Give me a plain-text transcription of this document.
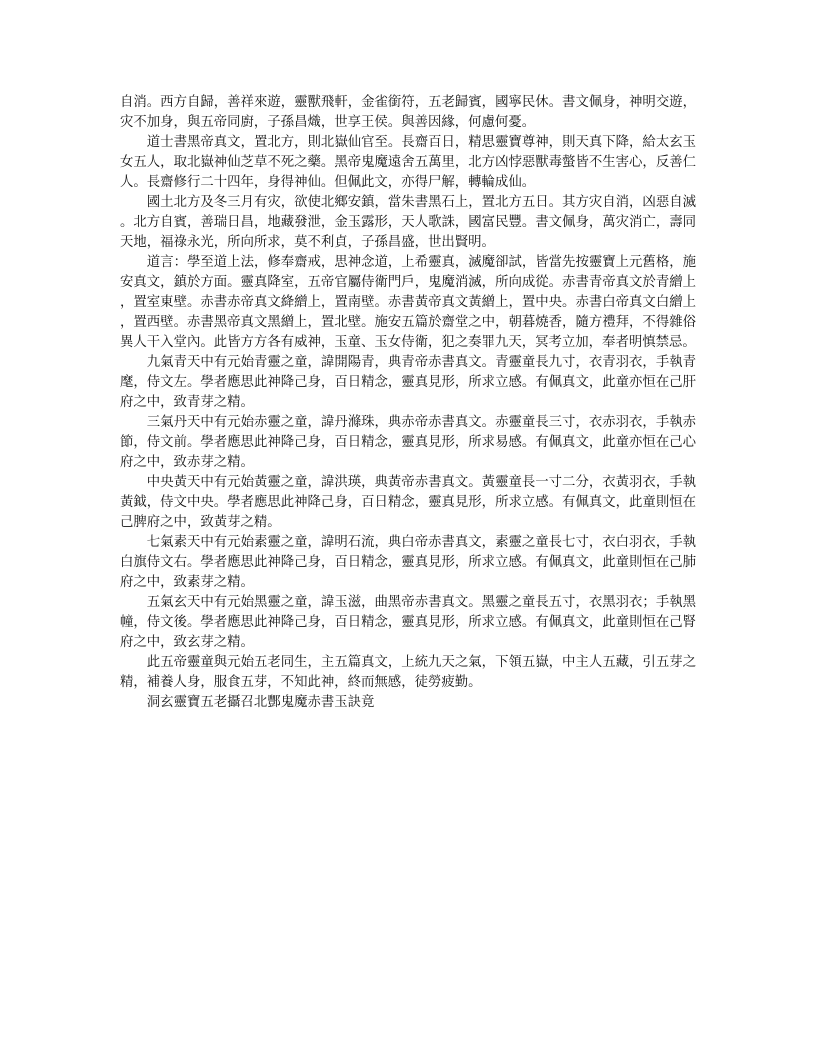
自消。西方自歸，善祥來遊，靈獸飛軒，金雀銜符，五老歸賓，國寧民休。書文佩身，神明交遊，灾不加身，與五帝同廚，子孫昌熾，世享王侯。與善因緣，何慮何憂。

道士書黑帝真文，置北方，則北嶽仙官至。長齋百日，精思靈寶尊神，則天真下降，給太玄玉女五人，取北嶽神仙芝草不死之藥。黑帝鬼魔遠舍五萬里，北方凶悖惡獸毒螫皆不生害心，反善仁人。長齋修行二十四年，身得神仙。但佩此文，亦得尸解，轉輪成仙。

國土北方及冬三月有灾，欲使北鄉安鎮，當朱書黑石上，置北方五日。其方灾自消，凶惡自滅。北方自賓，善瑞日昌，地藏發泄，金玉露形，天人歌誅，國富民豐。書文佩身，萬灾消亡，壽同天地，福祿永光，所向所求，莫不利貞，子孫昌盛，世出賢明。

道言：學至道上法，修奉齋戒，思神念道，上希靈真，滅魔卻試，皆當先按靈寶上元舊格，施安真文，鎮於方面。靈真降室，五帝官屬侍衛門戶，鬼魔消滅，所向成從。赤書青帝真文於青繒上，置室東壁。赤書赤帝真文絳繒上，置南壁。赤書黃帝真文黃繒上，置中央。赤書白帝真文白繒上，置西壁。赤書黑帝真文黑繒上，置北壁。施安五篇於齋堂之中，朝暮燒香，隨方禮拜，不得雜俗異人干入堂內。此皆方方各有威神，玉童、玉女侍衛，犯之奏罪九天，冥考立加，奉者明慎禁忌。

九氣青天中有元始青靈之童，諱開陽青，典青帝赤書真文。青靈童長九寸，衣青羽衣，手執青麾，侍文左。學者應思此神降己身，百日精念，靈真見形，所求立感。有佩真文，此童亦恒在己肝府之中，致青芽之精。

三氣丹天中有元始赤靈之童，諱丹滌珠，典赤帝赤書真文。赤靈童長三寸，衣赤羽衣，手執赤節，侍文前。學者應思此神降己身，百日精念，靈真見形，所求易感。有佩真文，此童亦恒在己心府之中，致赤芽之精。

中央黃天中有元始黃靈之童，諱洪瑛，典黃帝赤書真文。黃靈童長一寸二分，衣黃羽衣，手執黃鉞，侍文中央。學者應思此神降己身，百日精念，靈真見形，所求立感。有佩真文，此童則恒在己脾府之中，致黃芽之精。

七氣素天中有元始素靈之童，諱明石流，典白帝赤書真文，素靈之童長七寸，衣白羽衣，手執白旗侍文右。學者應思此神降己身，百日精念，靈真見形，所求立感。有佩真文，此童則恒在己肺府之中，致素芽之精。

五氣玄天中有元始黑靈之童，諱玉滋，曲黑帝赤書真文。黑靈之童長五寸，衣黑羽衣；手執黑幢，侍文後。學者應思此神降己身，百日精念，靈真見形，所求立感。有佩真文，此童則恒在己腎府之中，致玄芽之精。

此五帝靈童與元始五老同生，主五篇真文，上統九天之氣，下領五嶽，中主人五藏，引五芽之精，補養人身，服食五芽，不知此神，終而無感，徒勞疲勤。

洞玄靈寶五老攝召北酆鬼魔赤書玉訣竟
